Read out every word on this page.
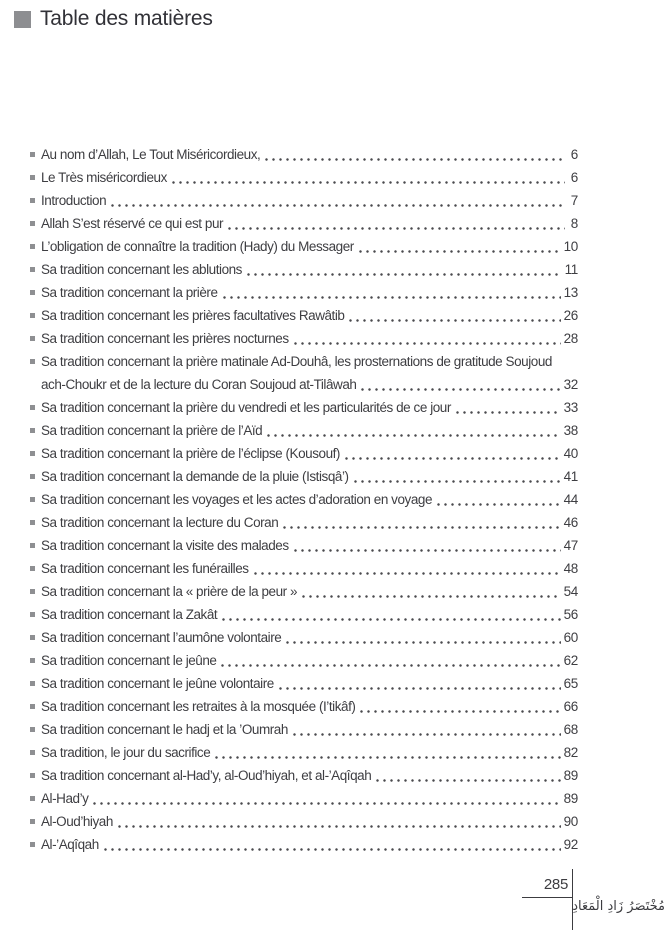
Table des matières
Au nom d’Allah, Le Tout Miséricordieux,	6
Le Très miséricordieux	6
Introduction	7
Allah S’est réservé ce qui est pur	8
L’obligation de connaître la tradition (Hady) du Messager	10
Sa tradition concernant les ablutions	11
Sa tradition concernant la prière	13
Sa tradition concernant les prières facultatives Rawâtib	26
Sa tradition concernant les prières nocturnes	28
Sa tradition concernant la prière matinale Ad-Douhâ, les prosternations de gratitude Soujoud
ach-Choukr et de la lecture du Coran Soujoud at-Tilâwah	32
Sa tradition concernant la prière du vendredi et les particularités de ce jour	33
Sa tradition concernant la prière de l’Aïd	38
Sa tradition concernant la prière de l’éclipse (Kousouf)	40
Sa tradition concernant la demande de la pluie (Istisqâ’)	41
Sa tradition concernant les voyages et les actes d’adoration en voyage	44
Sa tradition concernant la lecture du Coran	46
Sa tradition concernant la visite des malades	47
Sa tradition concernant les funérailles	48
Sa tradition concernant la « prière de la peur »	54
Sa tradition concernant la Zakât	56
Sa tradition concernant l’aumône volontaire	60
Sa tradition concernant le jeûne	62
Sa tradition concernant le jeûne volontaire	65
Sa tradition concernant les retraites à la mosquée (I’tikâf)	66
Sa tradition concernant le hadj et la ’Oumrah	68
Sa tradition, le jour du sacrifice	82
Sa tradition concernant al-Had’y, al-Oud’hiyah, et al-’Aqîqah	89
Al-Had’y	89
Al-Oud’hiyah	90
Al-’Aqîqah	92
285
مُخْتَصَرُ زَادِ الْمَعَادِ
